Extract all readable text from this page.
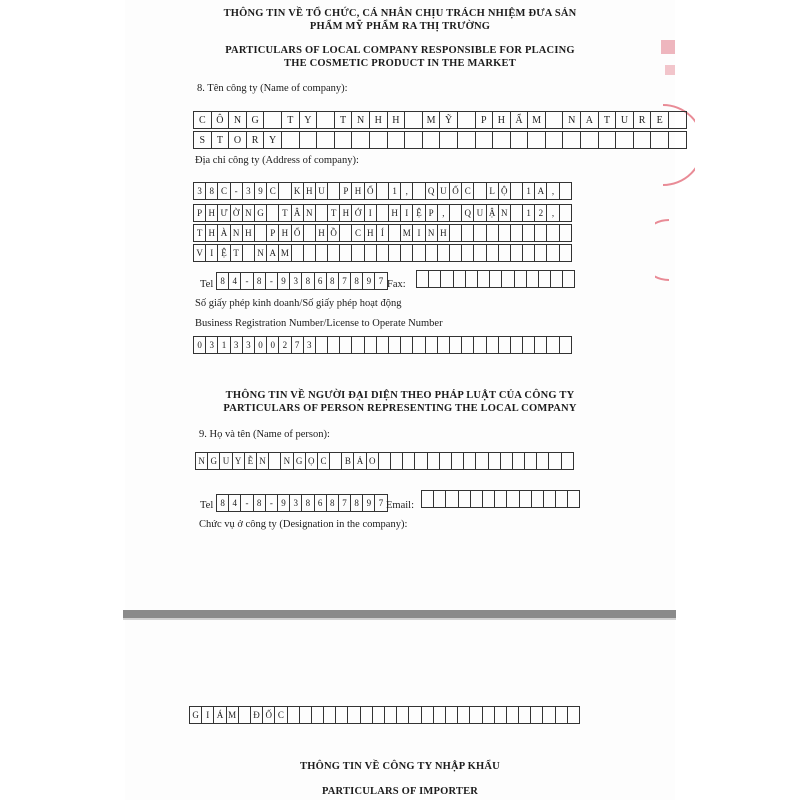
THÔNG TIN VỀ TỔ CHỨC, CÁ NHÂN CHỊU TRÁCH NHIỆM ĐƯA SẢN
PHẨM MỸ PHẨM RA THỊ TRƯỜNG
PARTICULARS OF LOCAL COMPANY RESPONSIBLE FOR PLACING
THE COSMETIC PRODUCT IN THE MARKET
8. Tên công ty (Name of company):
C	Ô	N	G	T	Y	T	N	H	H	M Ỹ	P	H	Ẩ M	N	A	T	U	R	E
S	T	O	R	Y
Địa chỉ công ty (Address of company):
3 8 C - 3 9 C	K H U	P H Ố	1 ,	Q U Ố C	L Ộ	1 A ,
P H Ư Ờ N G	T Â N	T H Ớ I	H I Ệ P ,	Q U Ậ N	1 2 ,
T H À N H	P H Ố	H Ồ	C H Í	M I N H
V I Ệ T	N A M
Tel 8 4 - 8 - 9 3 8 6 8 7 8 9 7 Fax:
Số giấy phép kinh doanh/Số giấy phép hoạt động
Business Registration Number/License to Operate Number
0 3 1 3 3 0 0 2 7 3
THÔNG TIN VỀ NGƯỜI ĐẠI DIỆN THEO PHÁP LUẬT CỦA CÔNG TY
PARTICULARS OF PERSON REPRESENTING THE LOCAL COMPANY
9. Họ và tên (Name of person):
N G U Y Ễ N	N G Ọ C	B Ả O
Tel 8 4 - 8 - 9 3 8 6 8 7 8 9 7 Email:
Chức vụ ở công ty (Designation in the company):
G I Á M Đ Ố C
THÔNG TIN VỀ CÔNG TY NHẬP KHẨU
PARTICULARS OF IMPORTER
